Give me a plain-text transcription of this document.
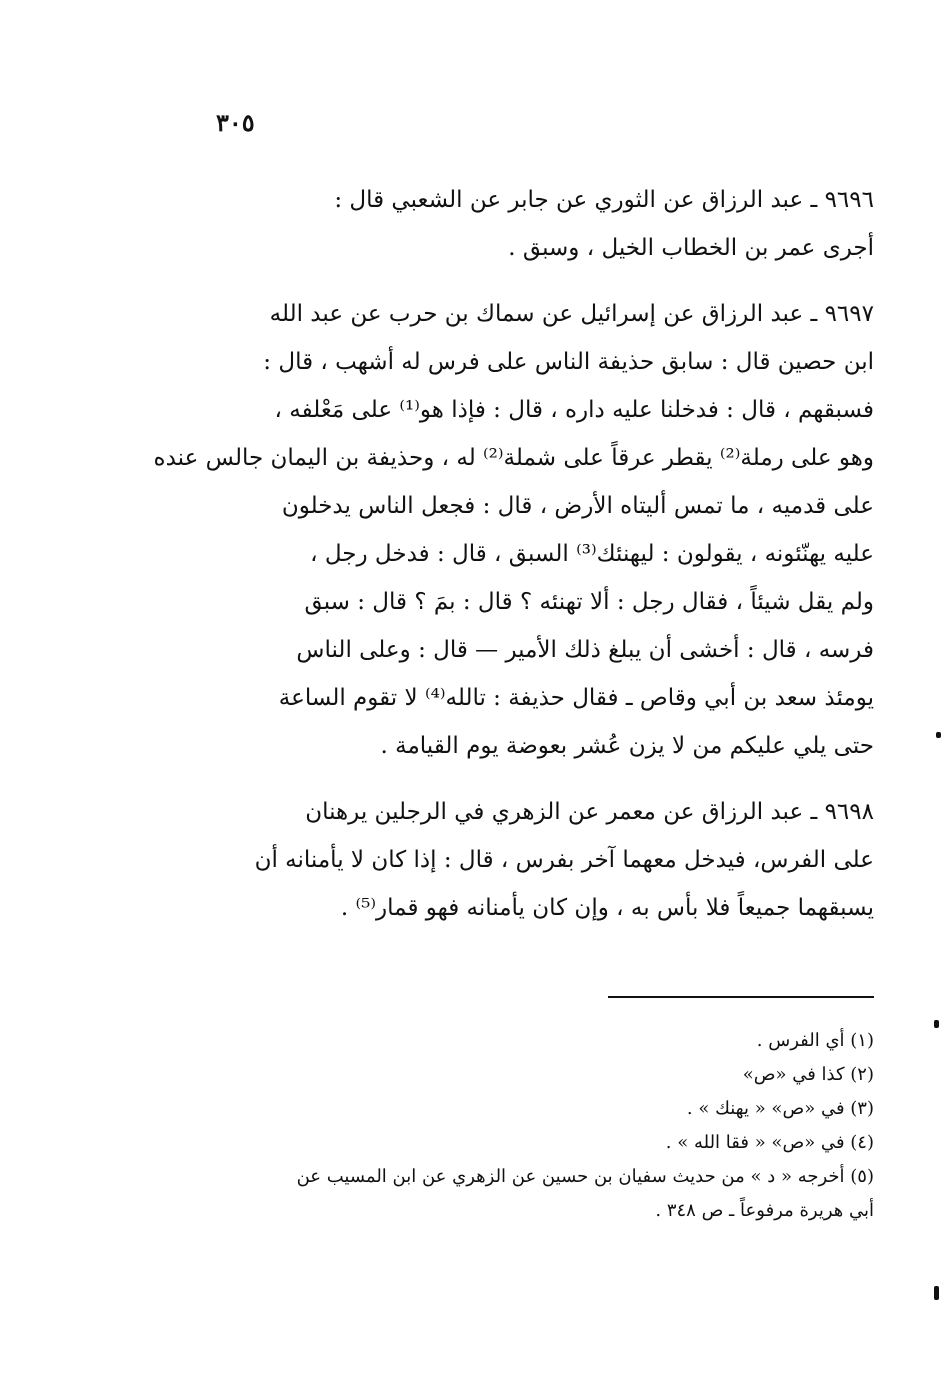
٣٠٥
٩٦٩٦ ـ عبد الرزاق عن الثوري عن جابر عن الشعبي قال :
أجرى عمر بن الخطاب الخيل ، وسبق .
٩٦٩٧ ـ عبد الرزاق عن إسرائيل عن سماك بن حرب عن عبد الله
ابن حصين قال : سابق حذيفة الناس على فرس له أشهب ، قال :
فسبقهم ، قال : فدخلنا عليه داره ، قال : فإذا هو⁽¹⁾ على مَعْلفه ،
وهو على رملة⁽²⁾ يقطر عرقاً على شملة⁽²⁾ له ، وحذيفة بن اليمان جالس عنده
على قدميه ، ما تمس أليتاه الأرض ، قال : فجعل الناس يدخلون
عليه يهنّئونه ، يقولون : ليهنئك⁽³⁾ السبق ، قال : فدخل رجل ،
ولم يقل شيئاً ، فقال رجل : ألا تهنئه ؟ قال : بمَ ؟ قال : سبق
فرسه ، قال : أخشى أن يبلغ ذلك الأمير — قال : وعلى الناس
يومئذ سعد بن أبي وقاص ـ فقال حذيفة : تالله⁽⁴⁾ لا تقوم الساعة
حتى يلي عليكم من لا يزن عُشر بعوضة يوم القيامة .
٩٦٩٨ ـ عبد الرزاق عن معمر عن الزهري في الرجلين يرهنان
على الفرس، فيدخل معهما آخر بفرس ، قال : إذا كان لا يأمنانه أن
يسبقهما جميعاً فلا بأس به ، وإن كان يأمنانه فهو قمار⁽⁵⁾ .
(١) أي الفرس .
(٢) كذا في «ص»
(٣) في «ص» « يهنك » .
(٤) في «ص» « فقا الله » .
(٥) أخرجه « د » من حديث سفيان بن حسين عن الزهري عن ابن المسيب عن
أبي هريرة مرفوعاً ـ ص ٣٤٨ .
